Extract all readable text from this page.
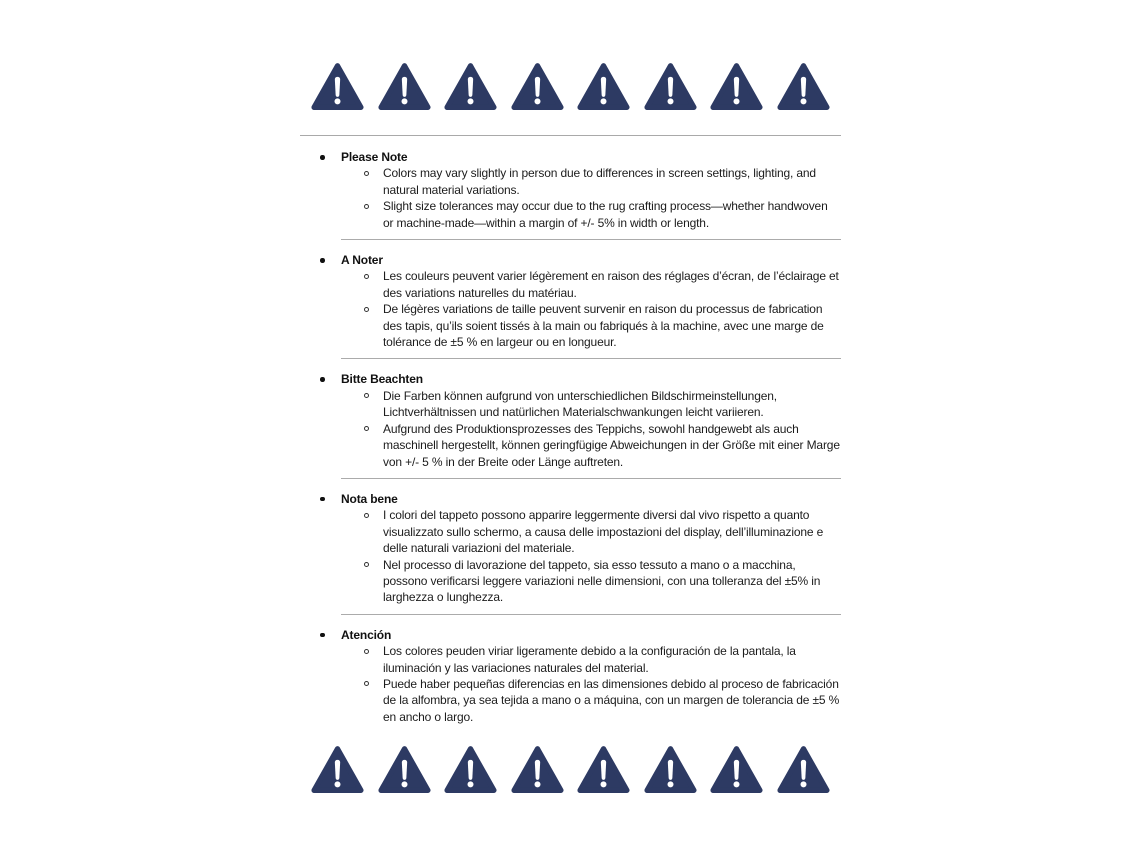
Please Note
Colors may vary slightly in person due to differences in screen settings, lighting, and natural material variations.
Slight size tolerances may occur due to the rug crafting process—whether handwoven or machine-made—within a margin of +/- 5% in width or length.
A Noter
Les couleurs peuvent varier légèrement en raison des réglages d’écran, de l’éclairage et des variations naturelles du matériau.
De légères variations de taille peuvent survenir en raison du processus de fabrication des tapis, qu’ils soient tissés à la main ou fabriqués à la machine, avec une marge de tolérance de ±5 % en largeur ou en longueur.
Bitte Beachten
Die Farben können aufgrund von unterschiedlichen Bildschirmeinstellungen, Lichtverhältnissen und natürlichen Materialschwankungen leicht variieren.
Aufgrund des Produktionsprozesses des Teppichs, sowohl handgewebt als auch maschinell hergestellt, können geringfügige Abweichungen in der Größe mit einer Marge von +/- 5 % in der Breite oder Länge auftreten.
Nota bene
I colori del tappeto possono apparire leggermente diversi dal vivo rispetto a quanto visualizzato sullo schermo, a causa delle impostazioni del display, dell’illuminazione e delle naturali variazioni del materiale.
Nel processo di lavorazione del tappeto, sia esso tessuto a mano o a macchina, possono verificarsi leggere variazioni nelle dimensioni, con una tolleranza del ±5% in larghezza o lunghezza.
Atención
Los colores peuden viriar ligeramente debido a la configuración de la pantala, la iluminación y las variaciones naturales del material.
Puede haber pequeñas diferencias en las dimensiones debido al proceso de fabricación de la alfombra, ya sea tejida a mano o a máquina, con un margen de tolerancia de ±5 % en ancho o largo.
